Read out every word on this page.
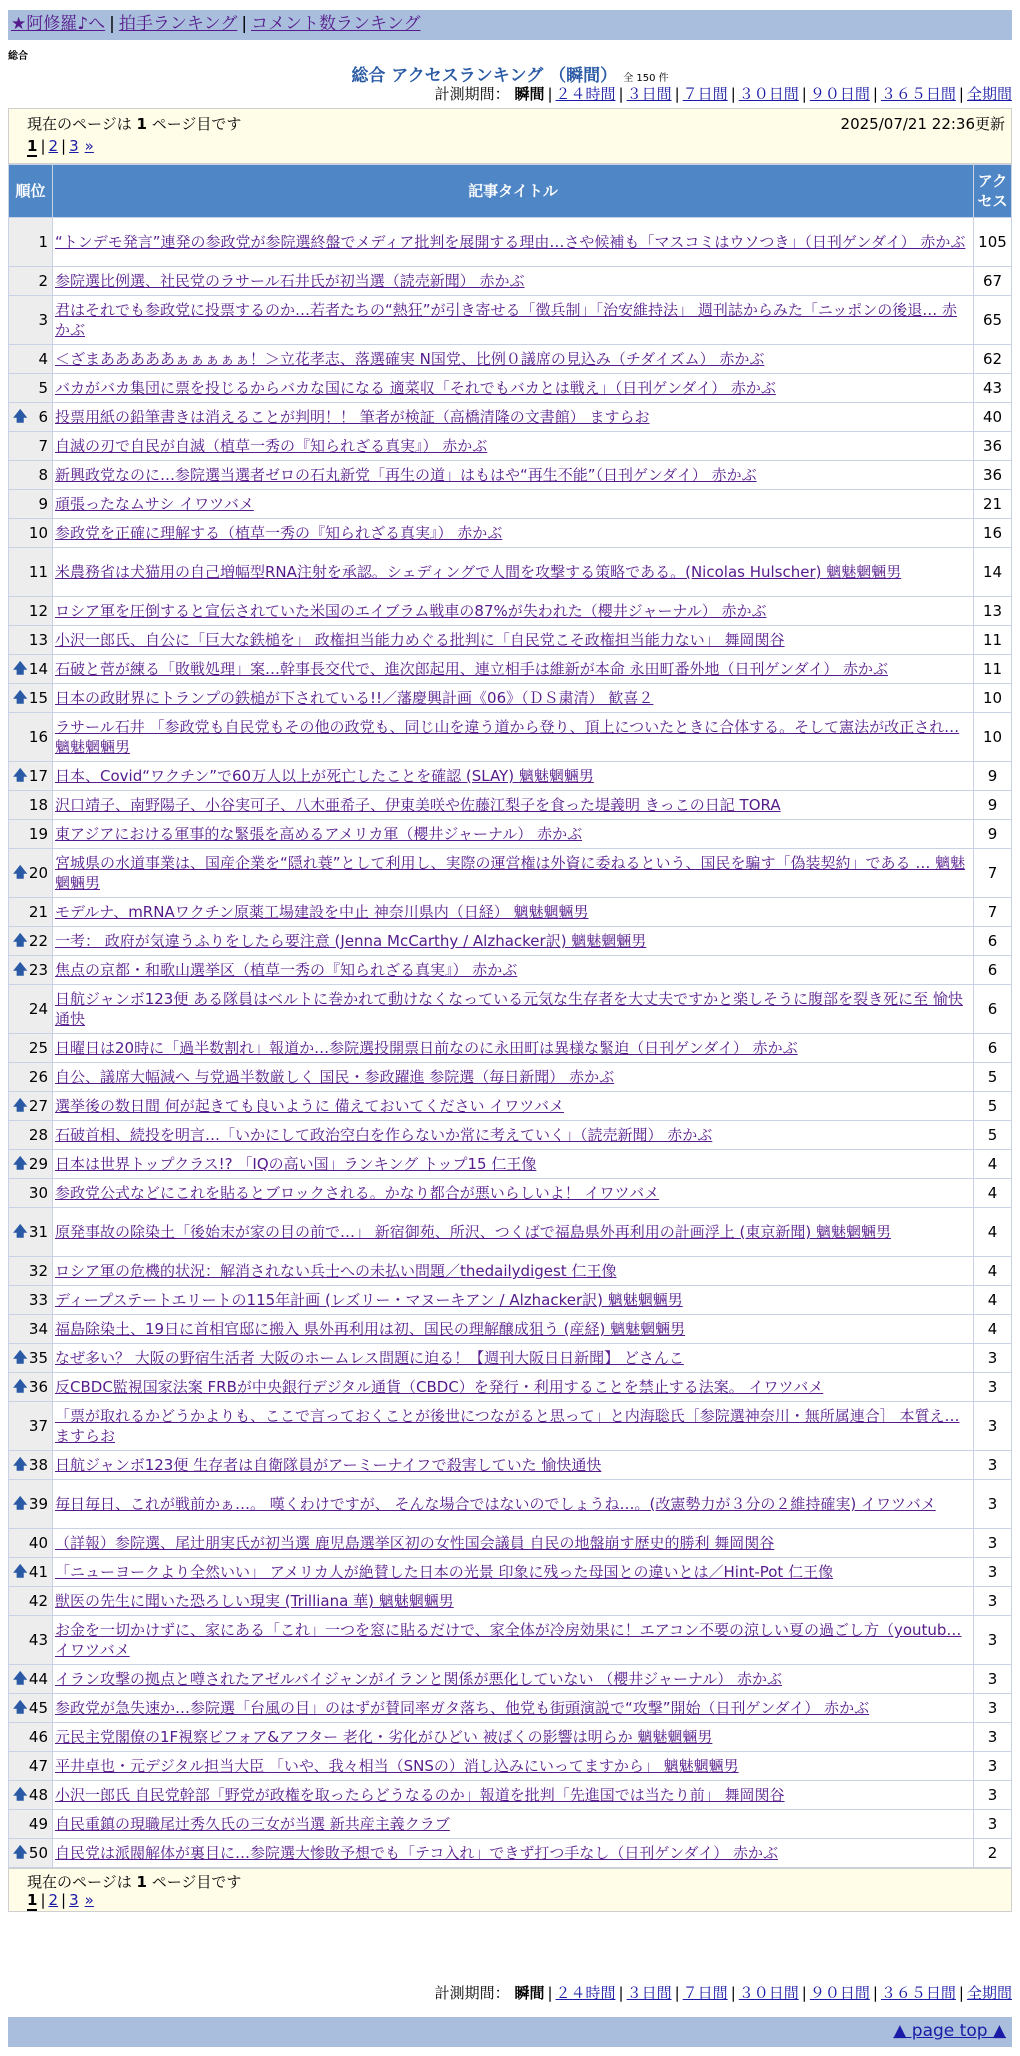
★阿修羅♪へ | 拍手ランキング | コメント数ランキング
総合
総合 アクセスランキング （瞬間） 全 150 件
計測期間： 瞬間 | ２４時間 | ３日間 | ７日間 | ３０日間 | ９０日間 | ３６５日間 | 全期間
現在のページは 1 ページ目です	2025/07/21 22:36更新
1 | 2 | 3 »
順位	記事タイトル	アクセス
1	“トンデモ発言”連発の参政党が参院選終盤でメディア批判を展開する理由…さや候補も「マスコミはウソつき」（日刊ゲンダイ） 赤かぶ	105
2	参院選比例選、社民党のラサール石井氏が初当選（読売新聞） 赤かぶ	67
3	君はそれでも参政党に投票するのか…若者たちの“熱狂”が引き寄せる「徴兵制」「治安維持法」 週刊誌からみた「ニッポンの後退… 赤かぶ	65
4	＜ざまあああああぁぁぁぁぁ！＞立花孝志、落選確実 N国党、比例０議席の見込み（チダイズム） 赤かぶ	62
5	バカがバカ集団に票を投じるからバカな国になる 適菜収「それでもバカとは戦え」（日刊ゲンダイ） 赤かぶ	43

🡅 6	投票用紙の鉛筆書きは消えることが判明！！ 筆者が検証（高橋清隆の文書館） ますらお	40
7	自滅の刃で自民が自滅（植草一秀の『知られざる真実』） 赤かぶ	36
8	新興政党なのに…参院選当選者ゼロの石丸新党「再生の道」はもはや“再生不能”（日刊ゲンダイ） 赤かぶ	36
9	頑張ったなムサシ イワツバメ	21
10	参政党を正確に理解する（植草一秀の『知られざる真実』） 赤かぶ	16
11	米農務省は犬猫用の自己増幅型RNA注射を承認。シェディングで人間を攻撃する策略である。(Nicolas Hulscher) 魑魅魍魎男	14
12	ロシア軍を圧倒すると宣伝されていた米国のエイブラム戦車の87%が失われた（櫻井ジャーナル） 赤かぶ	13
13	小沢一郎氏、自公に「巨大な鉄槌を」 政権担当能力めぐる批判に「自民党こそ政権担当能力ない」 舞岡関谷	11

🡅 14	石破と菅が練る「敗戦処理」案…幹事長交代で、進次郎起用、連立相手は維新が本命 永田町番外地（日刊ゲンダイ） 赤かぶ	11

🡅 15	日本の政財界にトランプの鉄槌が下されている!!／藩慶興計画《06》（ＤＳ粛清） 歓喜２	10
16	ラサール石井 「参政党も自民党もその他の政党も、同じ山を違う道から登り、頂上についたときに合体する。そして憲法が改正され… 魑魅魍魎男	10

🡅 17	日本、Covid“ワクチン”で60万人以上が死亡したことを確認 (SLAY) 魑魅魍魎男	9
18	沢口靖子、南野陽子、小谷実可子、八木亜希子、伊東美咲や佐藤江梨子を食った堤義明 きっこの日記 TORA	9
19	東アジアにおける軍事的な緊張を高めるアメリカ軍（櫻井ジャーナル） 赤かぶ	9

🡅 20	宮城県の水道事業は、国産企業を“隠れ蓑”として利用し、実際の運営権は外資に委ねるという、国民を騙す「偽装契約」である … 魑魅魍魎男	7
21	モデルナ、mRNAワクチン原薬工場建設を中止 神奈川県内（日経） 魑魅魍魎男	7

🡅 22	一考： 政府が気違うふりをしたら要注意 (Jenna McCarthy / Alzhacker訳) 魑魅魍魎男	6

🡅 23	焦点の京都・和歌山選挙区（植草一秀の『知られざる真実』） 赤かぶ	6
24	日航ジャンボ123便 ある隊員はベルトに巻かれて動けなくなっている元気な生存者を大丈夫ですかと楽しそうに腹部を裂き死に至 愉快通快	6
25	日曜日は20時に「過半数割れ」報道か…参院選投開票日前なのに永田町は異様な緊迫（日刊ゲンダイ） 赤かぶ	6
26	自公、議席大幅減へ 与党過半数厳しく 国民・参政躍進 参院選（毎日新聞） 赤かぶ	5

🡅 27	選挙後の数日間 何が起きても良いように 備えておいてください イワツバメ	5
28	石破首相、続投を明言…「いかにして政治空白を作らないか常に考えていく」（読売新聞） 赤かぶ	5

🡅 29	日本は世界トップクラス!? 「IQの高い国」ランキング トップ15 仁王像	4
30	参政党公式などにこれを貼るとブロックされる。かなり都合が悪いらしいよ！ イワツバメ	4

🡅 31	原発事故の除染土「後始末が家の目の前で…」 新宿御苑、所沢、つくばで福島県外再利用の計画浮上 (東京新聞) 魑魅魍魎男	4
32	ロシア軍の危機的状況：解消されない兵士への未払い問題／thedailydigest 仁王像	4
33	ディープステートエリートの115年計画 (レズリー・マヌーキアン / Alzhacker訳) 魑魅魍魎男	4
34	福島除染土、19日に首相官邸に搬入 県外再利用は初、国民の理解醸成狙う (産経) 魑魅魍魎男	4

🡅 35	なぜ多い？ 大阪の野宿生活者 大阪のホームレス問題に迫る！【週刊大阪日日新聞】 どさんこ	3

🡅 36	反CBDC監視国家法案 FRBが中央銀行デジタル通貨（CBDC）を発行・利用することを禁止する法案。 イワツバメ	3
37	「票が取れるかどうかよりも、ここで言っておくことが後世につながると思って」と内海聡氏［参院選神奈川・無所属連合］ 本質え… ますらお	3

🡅 38	日航ジャンボ123便 生存者は自衛隊員がアーミーナイフで殺害していた 愉快通快	3

🡅 39	毎日毎日、これが戦前かぁ…。 嘆くわけですが、 そんな場合ではないのでしょうね…。(改憲勢力が３分の２維持確実) イワツバメ	3
40	（詳報）参院選、尾辻朋実氏が初当選 鹿児島選挙区初の女性国会議員 自民の地盤崩す歴史的勝利 舞岡関谷	3

🡅 41	「ニューヨークより全然いい」 アメリカ人が絶賛した日本の光景 印象に残った母国との違いとは／Hint-Pot 仁王像	3
42	獣医の先生に聞いた恐ろしい現実 (Trilliana 華) 魑魅魍魎男	3
43	お金を一切かけずに、家にある「これ」一つを窓に貼るだけで、家全体が冷房効果に！エアコン不要の涼しい夏の過ごし方（youtub… イワツバメ	3

🡅 44	イラン攻撃の拠点と噂されたアゼルバイジャンがイランと関係が悪化していない （櫻井ジャーナル） 赤かぶ	3

🡅 45	参政党が急失速か…参院選「台風の目」のはずが賛同率ガタ落ち、他党も街頭演説で“攻撃”開始（日刊ゲンダイ） 赤かぶ	3
46	元民主党閣僚の1F視察ビフォア&アフター 老化・劣化がひどい 被ばくの影響は明らか 魑魅魍魎男	3
47	平井卓也・元デジタル担当大臣 「いや、我々相当（SNSの）消し込みにいってますから」 魑魅魍魎男	3

🡅 48	小沢一郎氏 自民党幹部「野党が政権を取ったらどうなるのか」報道を批判「先進国では当たり前」 舞岡関谷	3
49	自民重鎮の現職尾辻秀久氏の三女が当選 新共産主義クラブ	3

🡅 50	自民党は派閥解体が裏目に…参院選大惨敗予想でも「テコ入れ」できず打つ手なし（日刊ゲンダイ） 赤かぶ	2
計測期間： 瞬間 | ２４時間 | ３日間 | ７日間 | ３０日間 | ９０日間 | ３６５日間 | 全期間
▲ page top ▲
現在のページは 1 ページ目です
1 | 2 | 3 »
